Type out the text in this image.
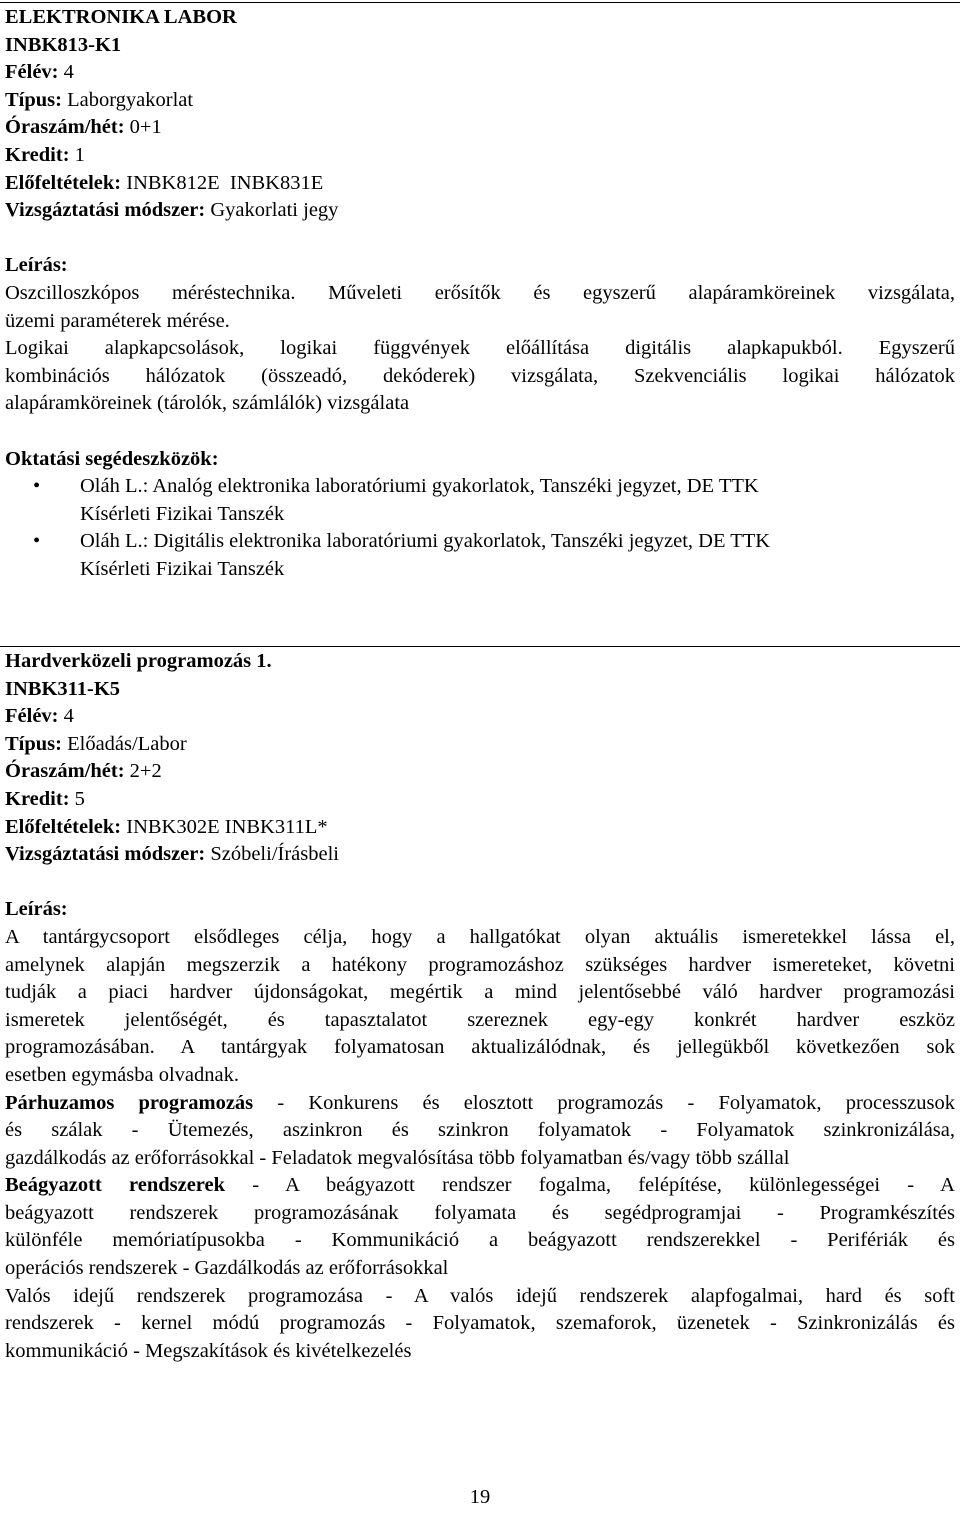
ELEKTRONIKA LABOR
INBK813-K1
Félév: 4
Típus: Laborgyakorlat
Óraszám/hét: 0+1
Kredit: 1
Előfeltételek: INBK812E  INBK831E
Vizsgáztatási módszer: Gyakorlati jegy
Leírás:
Oszcilloszkópos méréstechnika. Műveleti erősítők és egyszerű alapáramköreinek vizsgálata,
üzemi paraméterek mérése.
Logikai alapkapcsolások, logikai függvények előállítása digitális alapkapukból. Egyszerű
kombinációs hálózatok (összeadó, dekóderek) vizsgálata, Szekvenciális logikai hálózatok
alapáramköreinek (tárolók, számlálók) vizsgálata
Oktatási segédeszközök:
• Oláh L.: Analóg elektronika laboratóriumi gyakorlatok, Tanszéki jegyzet, DE TTK
Kísérleti Fizikai Tanszék
• Oláh L.: Digitális elektronika laboratóriumi gyakorlatok, Tanszéki jegyzet, DE TTK
Kísérleti Fizikai Tanszék
Hardverközeli programozás 1.
INBK311-K5
Félév: 4
Típus: Előadás/Labor
Óraszám/hét: 2+2
Kredit: 5
Előfeltételek: INBK302E INBK311L*
Vizsgáztatási módszer: Szóbeli/Írásbeli
Leírás:
A tantárgycsoport elsődleges célja, hogy a hallgatókat olyan aktuális ismeretekkel lássa el,
amelynek alapján megszerzik a hatékony programozáshoz szükséges hardver ismereteket, követni
tudják a piaci hardver újdonságokat, megértik a mind jelentősebbé váló hardver programozási
ismeretek jelentőségét, és tapasztalatot szereznek egy-egy konkrét hardver eszköz
programozásában. A tantárgyak folyamatosan aktualizálódnak, és jellegükből következően sok
esetben egymásba olvadnak.
Párhuzamos programozás - Konkurens és elosztott programozás - Folyamatok, processzusok
és szálak - Ütemezés, aszinkron és szinkron folyamatok - Folyamatok szinkronizálása,
gazdálkodás az erőforrásokkal - Feladatok megvalósítása több folyamatban és/vagy több szállal
Beágyazott rendszerek - A beágyazott rendszer fogalma, felépítése, különlegességei - A
beágyazott rendszerek programozásának folyamata és segédprogramjai - Programkészítés
különféle memóriatípusokba - Kommunikáció a beágyazott rendszerekkel - Perifériák és
operációs rendszerek - Gazdálkodás az erőforrásokkal
Valós idejű rendszerek programozása - A valós idejű rendszerek alapfogalmai, hard és soft
rendszerek - kernel módú programozás - Folyamatok, szemaforok, üzenetek - Szinkronizálás és
kommunikáció - Megszakítások és kivételkezelés
19
